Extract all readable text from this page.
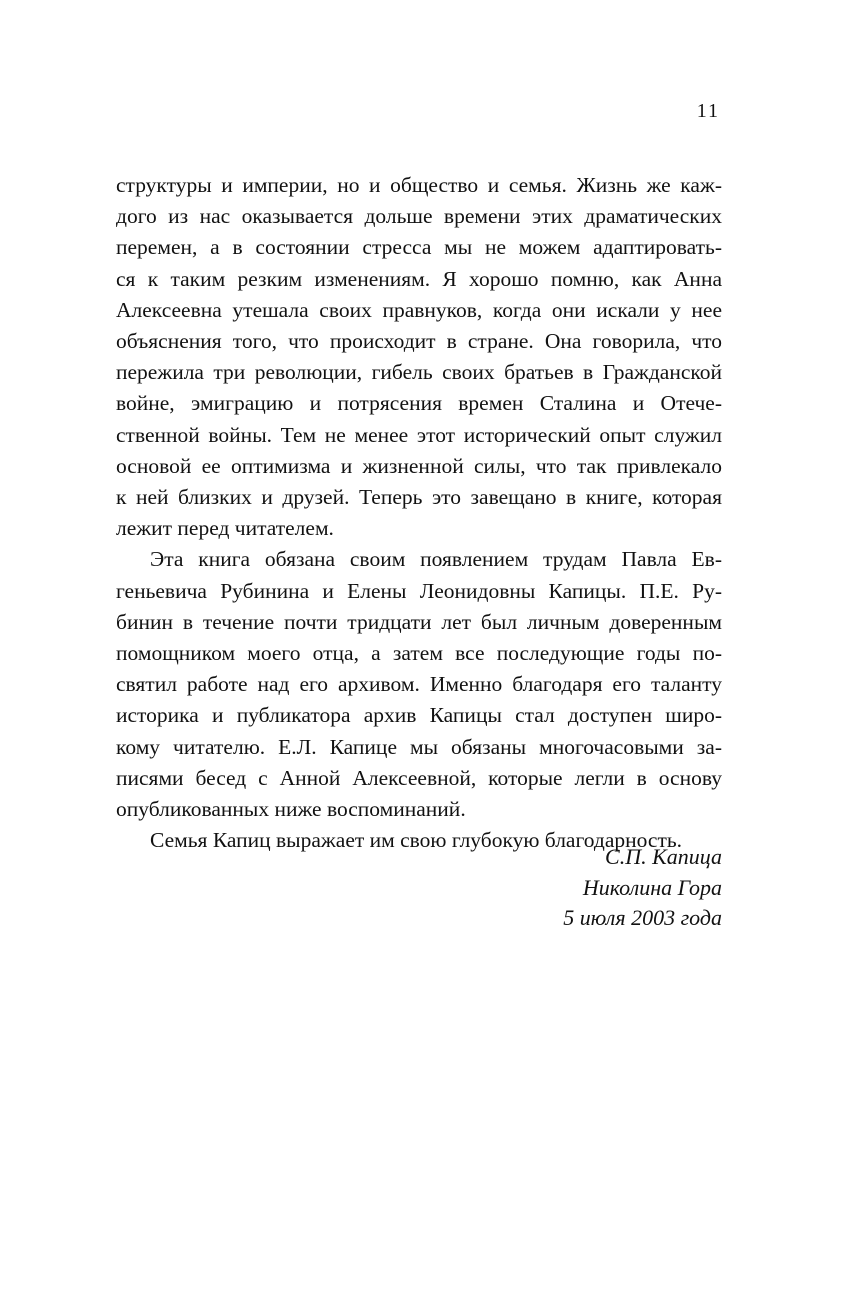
11
структуры и империи, но и общество и семья. Жизнь же каж-
дого из нас оказывается дольше времени этих драматических
перемен, а в состоянии стресса мы не можем адаптировать-
ся к таким резким изменениям. Я хорошо помню, как Анна
Алексеевна утешала своих правнуков, когда они искали у нее
объяснения того, что происходит в стране. Она говорила, что
пережила три революции, гибель своих братьев в Гражданской
войне, эмиграцию и потрясения времен Сталина и Отече-
ственной войны. Тем не менее этот исторический опыт служил
основой ее оптимизма и жизненной силы, что так привлекало
к ней близких и друзей. Теперь это завещано в книге, которая
лежит перед читателем.
Эта книга обязана своим появлением трудам Павла Ев-
геньевича Рубинина и Елены Леонидовны Капицы. П.Е. Ру-
бинин в течение почти тридцати лет был личным доверенным
помощником моего отца, а затем все последующие годы по-
святил работе над его архивом. Именно благодаря его таланту
историка и публикатора архив Капицы стал доступен широ-
кому читателю. Е.Л. Капице мы обязаны многочасовыми за-
писями бесед с Анной Алексеевной, которые легли в основу
опубликованных ниже воспоминаний.
Семья Капиц выражает им свою глубокую благодарность.
С.П. Капица
Николина Гора
5 июля 2003 года
